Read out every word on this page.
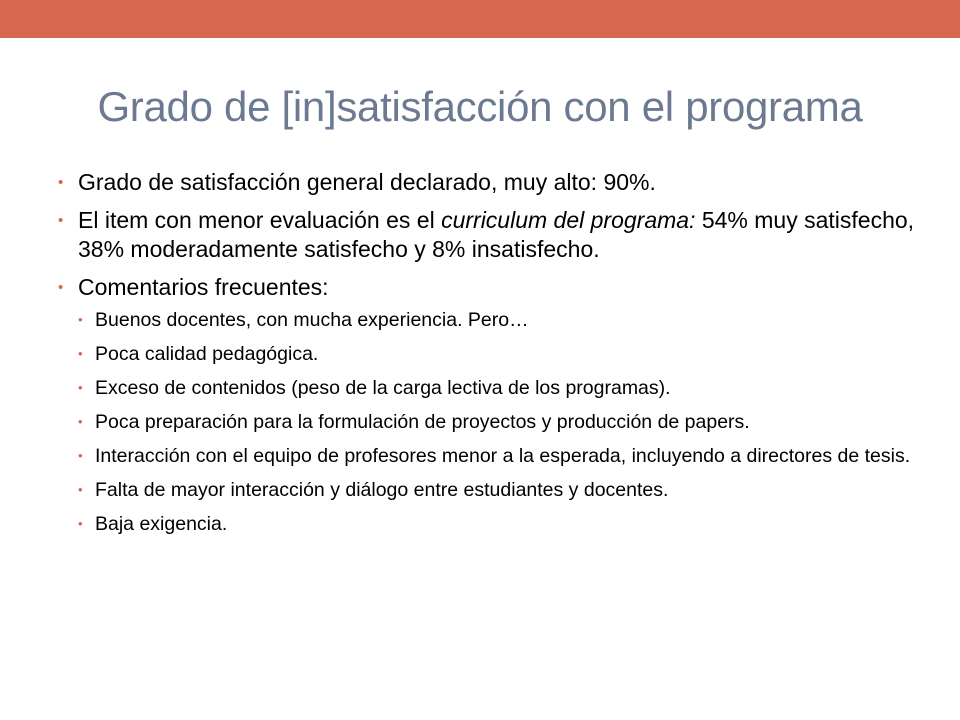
Grado de [in]satisfacción con el programa
• Grado de satisfacción general declarado, muy alto: 90%.
• El item con menor evaluación es el curriculum del programa: 54% muy satisfecho, 38% moderadamente satisfecho y 8% insatisfecho.
• Comentarios frecuentes:
• Buenos docentes, con mucha experiencia. Pero…
• Poca calidad pedagógica.
• Exceso de contenidos (peso de la carga lectiva de los programas).
• Poca preparación para la formulación de proyectos y producción de papers.
• Interacción con el equipo de profesores menor a la esperada, incluyendo a directores de tesis.
• Falta de mayor interacción y diálogo entre estudiantes y docentes.
• Baja exigencia.
